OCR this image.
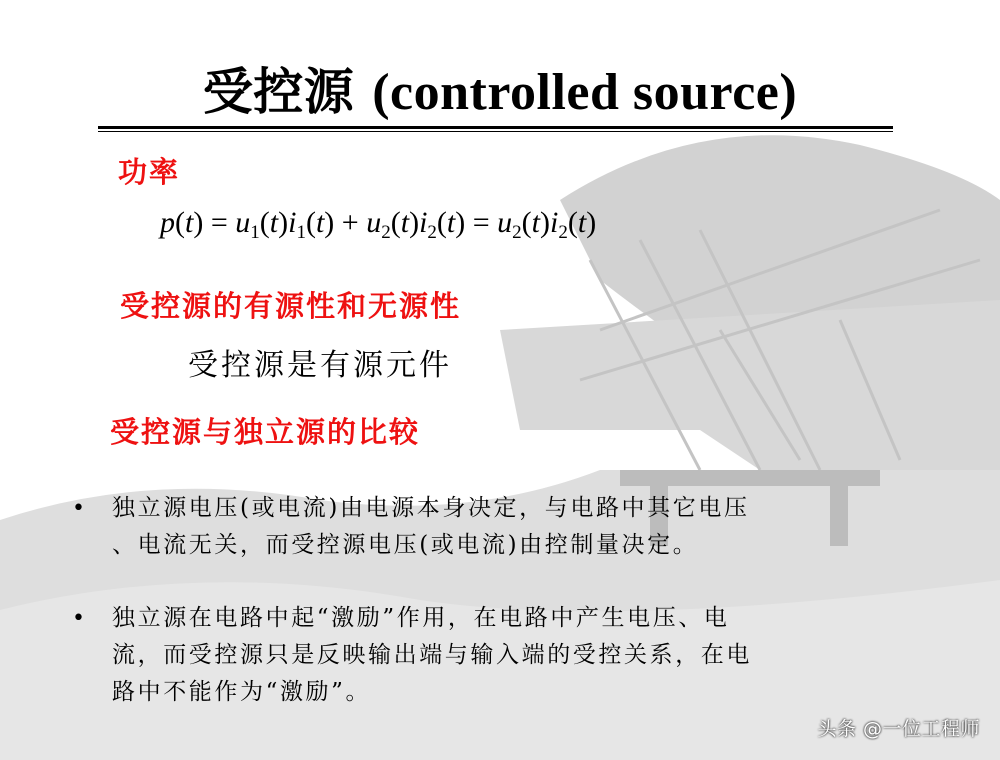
受控源 (controlled source)
功率
$p(t) = u_1(t)i_1(t) + u_2(t)i_2(t) = u_2(t)i_2(t)$
受控源的有源性和无源性
受控源是有源元件
受控源与独立源的比较
• 独立源电压(或电流)由电源本身决定，与电路中其它电压
、电流无关，而受控源电压(或电流)由控制量决定。
• 独立源在电路中起“激励”作用，在电路中产生电压、电
流，而受控源只是反映输出端与输入端的受控关系，在电
路中不能作为“激励”。
头条 @一位工程师
